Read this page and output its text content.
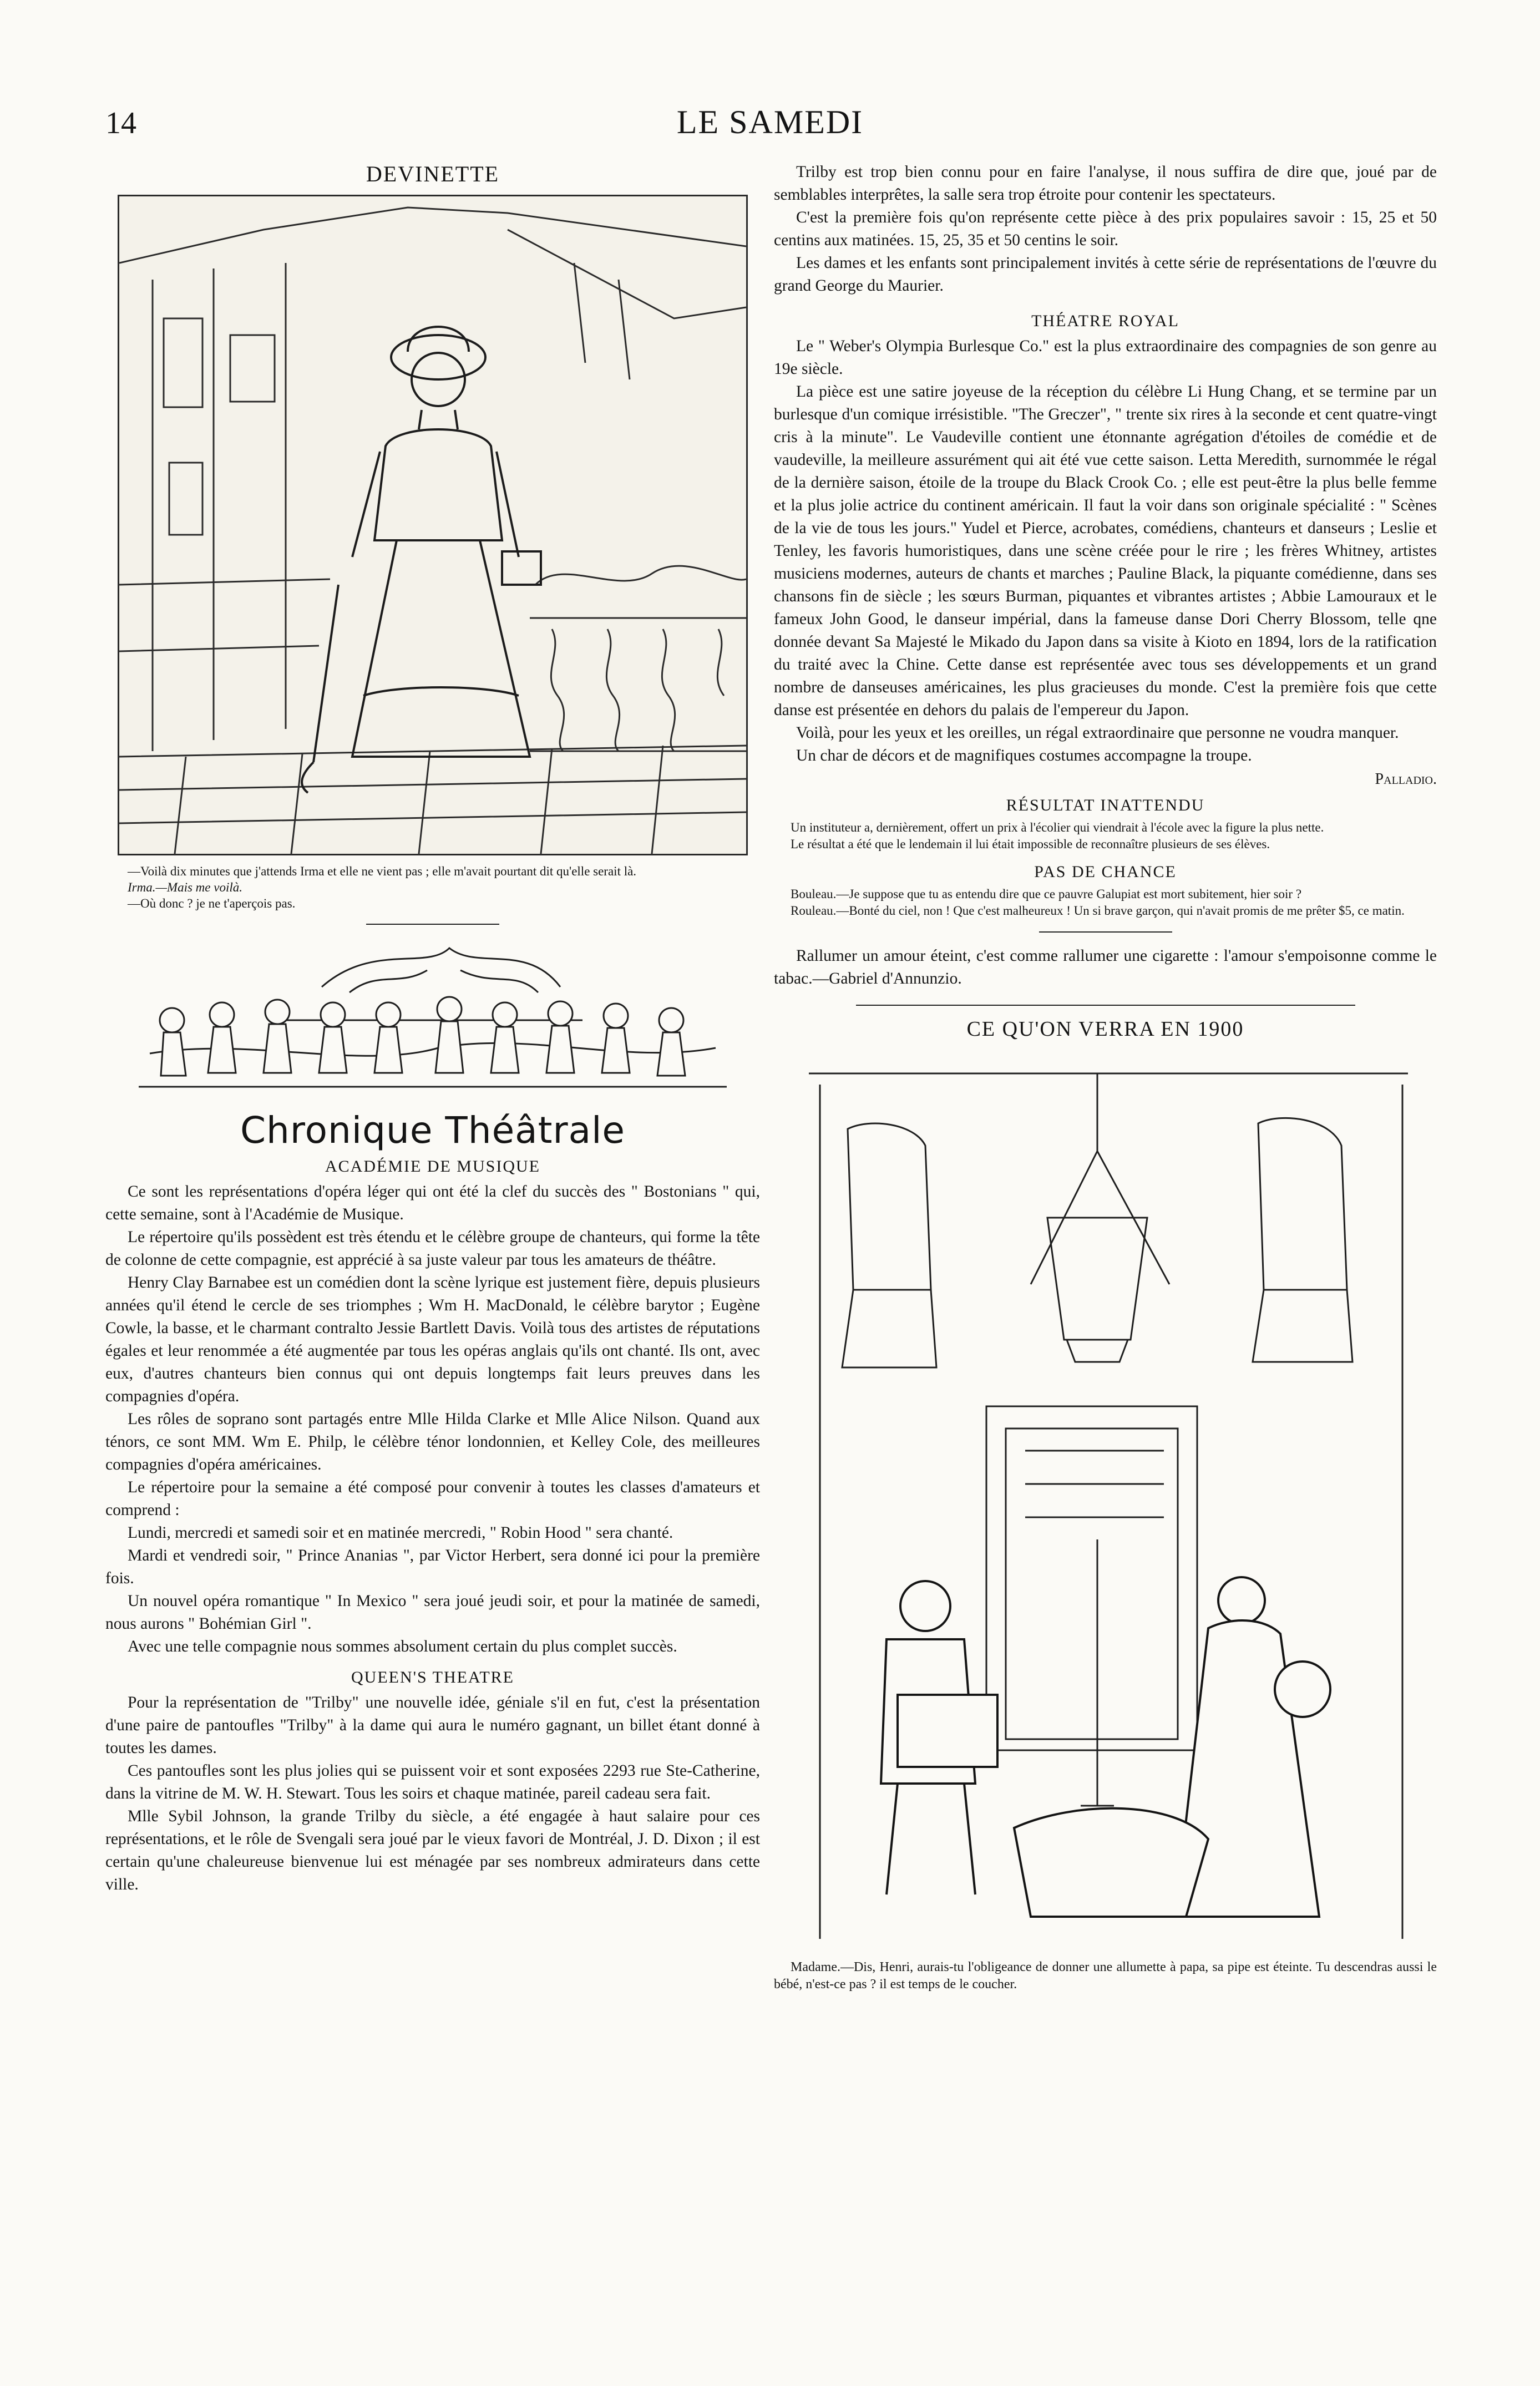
14	LE SAMEDI
DEVINETTE

—Voilà dix minutes que j'attends Irma et elle ne vient pas ; elle m'avait pourtant dit qu'elle serait là.

Irma.—Mais me voilà.

—Où donc ? je ne t'aperçois pas.

Chronique Théâtrale
ACADÉMIE DE MUSIQUE

Ce sont les représentations d'opéra léger qui ont été la clef du succès des " Bostonians " qui, cette semaine, sont à l'Académie de Musique.

Le répertoire qu'ils possèdent est très étendu et le célèbre groupe de chanteurs, qui forme la tête de colonne de cette compagnie, est apprécié à sa juste valeur par tous les amateurs de théâtre.

Henry Clay Barnabee est un comédien dont la scène lyrique est justement fière, depuis plusieurs années qu'il étend le cercle de ses triomphes ; Wm H. MacDonald, le célèbre barytor ; Eugène Cowle, la basse, et le charmant contralto Jessie Bartlett Davis. Voilà tous des artistes de réputations égales et leur renommée a été augmentée par tous les opéras anglais qu'ils ont chanté. Ils ont, avec eux, d'autres chanteurs bien connus qui ont depuis longtemps fait leurs preuves dans les compagnies d'opéra.

Les rôles de soprano sont partagés entre Mlle Hilda Clarke et Mlle Alice Nilson. Quand aux ténors, ce sont MM. Wm E. Philp, le célèbre ténor londonnien, et Kelley Cole, des meilleures compagnies d'opéra américaines.

Le répertoire pour la semaine a été composé pour convenir à toutes les classes d'amateurs et comprend :

Lundi, mercredi et samedi soir et en matinée mercredi, " Robin Hood " sera chanté.

Mardi et vendredi soir, " Prince Ananias ", par Victor Herbert, sera donné ici pour la première fois.

Un nouvel opéra romantique " In Mexico " sera joué jeudi soir, et pour la matinée de samedi, nous aurons " Bohémian Girl ".

Avec une telle compagnie nous sommes absolument certain du plus complet succès.

QUEEN'S THEATRE

Pour la représentation de "Trilby" une nouvelle idée, géniale s'il en fut, c'est la présentation d'une paire de pantoufles "Trilby" à la dame qui aura le numéro gagnant, un billet étant donné à toutes les dames.

Ces pantoufles sont les plus jolies qui se puissent voir et sont exposées 2293 rue Ste-Catherine, dans la vitrine de M. W. H. Stewart. Tous les soirs et chaque matinée, pareil cadeau sera fait.

Mlle Sybil Johnson, la grande Trilby du siècle, a été engagée à haut salaire pour ces représentations, et le rôle de Svengali sera joué par le vieux favori de Montréal, J. D. Dixon ; il est certain qu'une chaleureuse bienvenue lui est ménagée par ses nombreux admirateurs dans cette ville.

Trilby est trop bien connu pour en faire l'analyse, il nous suffira de dire que, joué par de semblables interprêtes, la salle sera trop étroite pour contenir les spectateurs.

C'est la première fois qu'on représente cette pièce à des prix populaires savoir : 15, 25 et 50 centins aux matinées. 15, 25, 35 et 50 centins le soir.

Les dames et les enfants sont principalement invités à cette série de représentations de l'œuvre du grand George du Maurier.

THÉATRE ROYAL

Le " Weber's Olympia Burlesque Co." est la plus extraordinaire des compagnies de son genre au 19e siècle.

La pièce est une satire joyeuse de la réception du célèbre Li Hung Chang, et se termine par un burlesque d'un comique irrésistible. "The Greczer", " trente six rires à la seconde et cent quatre-vingt cris à la minute". Le Vaudeville contient une étonnante agrégation d'étoiles de comédie et de vaudeville, la meilleure assurément qui ait été vue cette saison. Letta Meredith, surnommée le régal de la dernière saison, étoile de la troupe du Black Crook Co. ; elle est peut-être la plus belle femme et la plus jolie actrice du continent américain. Il faut la voir dans son originale spécialité : " Scènes de la vie de tous les jours." Yudel et Pierce, acrobates, comédiens, chanteurs et danseurs ; Leslie et Tenley, les favoris humoristiques, dans une scène créée pour le rire ; les frères Whitney, artistes musiciens modernes, auteurs de chants et marches ; Pauline Black, la piquante comédienne, dans ses chansons fin de siècle ; les sœurs Burman, piquantes et vibrantes artistes ; Abbie Lamouraux et le fameux John Good, le danseur impérial, dans la fameuse danse Dori Cherry Blossom, telle qne donnée devant Sa Majesté le Mikado du Japon dans sa visite à Kioto en 1894, lors de la ratification du traité avec la Chine. Cette danse est représentée avec tous ses développements et un grand nombre de danseuses américaines, les plus gracieuses du monde. C'est la première fois que cette danse est présentée en dehors du palais de l'empereur du Japon.

Voilà, pour les yeux et les oreilles, un régal extraordinaire que personne ne voudra manquer.

Un char de décors et de magnifiques costumes accompagne la troupe.

Palladio.
RÉSULTAT INATTENDU

Un instituteur a, dernièrement, offert un prix à l'écolier qui viendrait à l'école avec la figure la plus nette.

Le résultat a été que le lendemain il lui était impossible de reconnaître plusieurs de ses élèves.

PAS DE CHANCE

Bouleau.—Je suppose que tu as entendu dire que ce pauvre Galupiat est mort subitement, hier soir ?

Rouleau.—Bonté du ciel, non ! Que c'est malheureux ! Un si brave garçon, qui n'avait promis de me prêter $5, ce matin.

Rallumer un amour éteint, c'est comme rallumer une cigarette : l'amour s'empoisonne comme le tabac.—Gabriel d'Annunzio.

CE QU'ON VERRA EN 1900

Madame.—Dis, Henri, aurais-tu l'obligeance de donner une allumette à papa, sa pipe est éteinte. Tu descendras aussi le bébé, n'est-ce pas ? il est temps de le coucher.
